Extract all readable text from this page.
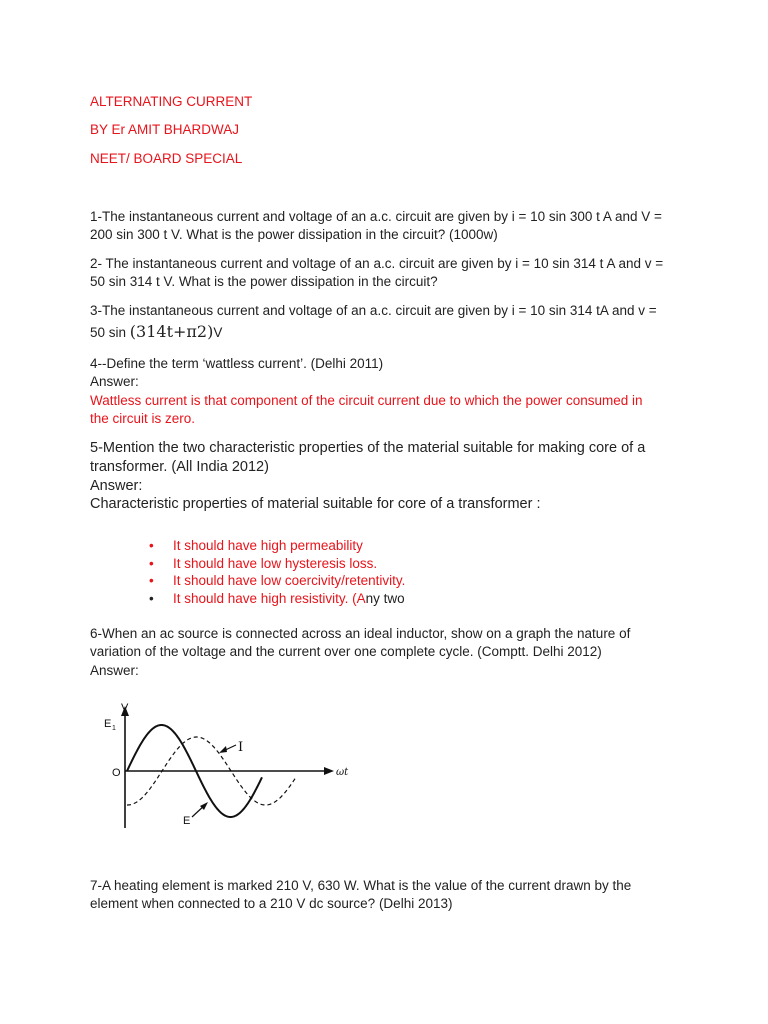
ALTERNATING CURRENT

BY Er AMIT BHARDWAJ

NEET/ BOARD SPECIAL

1-The instantaneous current and voltage of an a.c. circuit are given by i = 10 sin 300 t A and V =

200 sin 300 t V. What is the power dissipation in the circuit? (1000w)

2- The instantaneous current and voltage of an a.c. circuit are given by i = 10 sin 314 t A and v =

50 sin 314 t V. What is the power dissipation in the circuit?

3-The instantaneous current and voltage of an a.c. circuit are given by i = 10 sin 314 tA and v =

50 sin (314t+π2)V

4--Define the term ‘wattless current’. (Delhi 2011)

Answer:

Wattless current is that component of the circuit current due to which the power consumed in

the circuit is zero.

5-Mention the two characteristic properties of the material suitable for making core of a

transformer. (All India 2012)

Answer:

Characteristic properties of material suitable for core of a transformer :

• It should have high permeability
• It should have low hysteresis loss.
• It should have low coercivity/retentivity.
• It should have high resistivity. (Any two

6-When an ac source is connected across an ideal inductor, show on a graph the nature of

variation of the voltage and the current over one complete cycle. (Comptt. Delhi 2012)

Answer:

7-A heating element is marked 210 V, 630 W. What is the value of the current drawn by the

element when connected to a 210 V dc source? (Delhi 2013)

V
E 1
O	ωt
I
E
